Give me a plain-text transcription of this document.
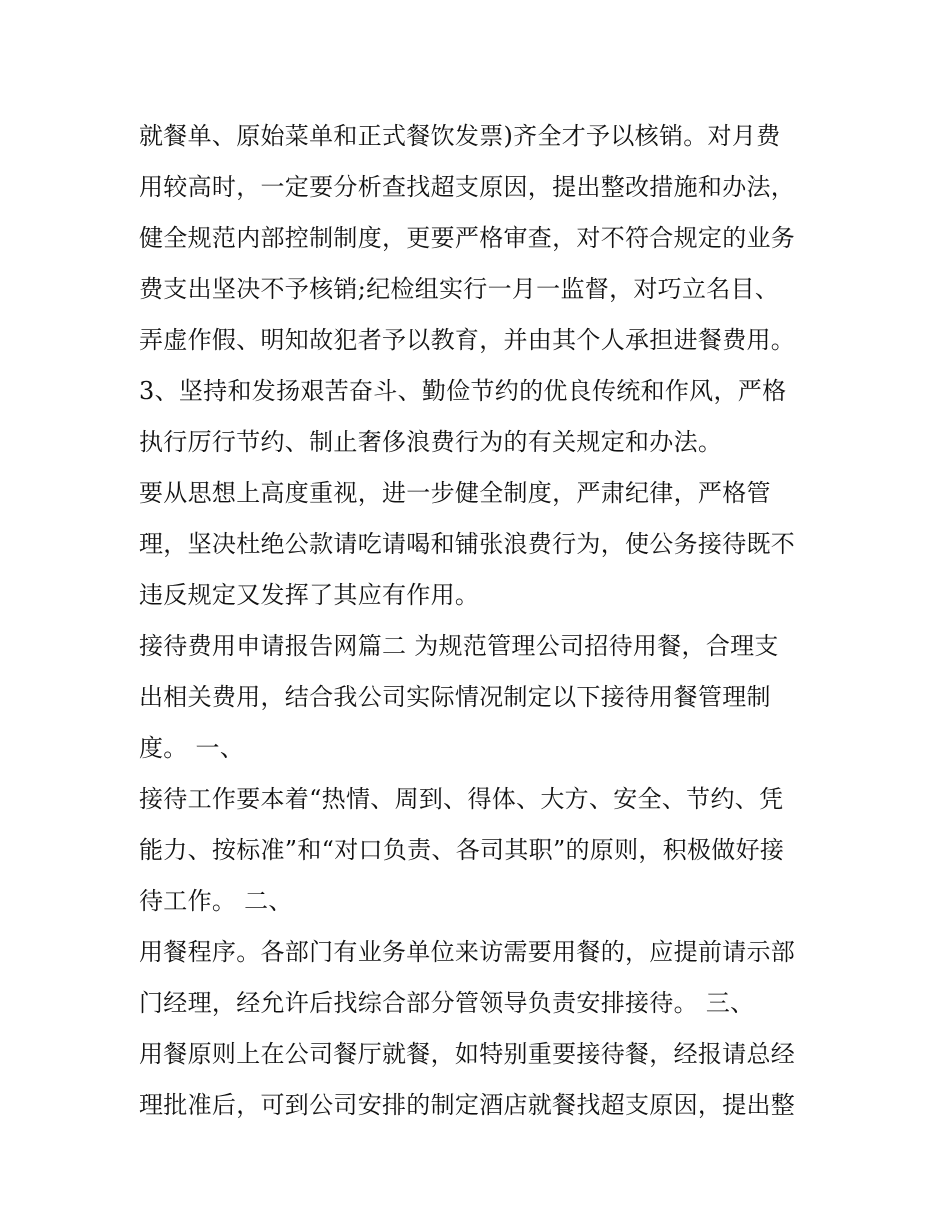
就餐单、原始菜单和正式餐饮发票)齐全才予以核销。对月费
用较高时，一定要分析查找超支原因，提出整改措施和办法，
健全规范内部控制制度，更要严格审查，对不符合规定的业务
费支出坚决不予核销;纪检组实行一月一监督，对巧立名目、
弄虚作假、明知故犯者予以教育，并由其个人承担进餐费用。
3、坚持和发扬艰苦奋斗、勤俭节约的优良传统和作风，严格
执行厉行节约、制止奢侈浪费行为的有关规定和办法。
要从思想上高度重视，进一步健全制度，严肃纪律，严格管
理，坚决杜绝公款请吃请喝和铺张浪费行为，使公务接待既不
违反规定又发挥了其应有作用。
接待费用申请报告网篇二 为规范管理公司招待用餐，合理支
出相关费用，结合我公司实际情况制定以下接待用餐管理制
度。 一、
接待工作要本着“热情、周到、得体、大方、安全、节约、凭
能力、按标准”和“对口负责、各司其职”的原则，积极做好接
待工作。 二、
用餐程序。各部门有业务单位来访需要用餐的，应提前请示部
门经理，经允许后找综合部分管领导负责安排接待。 三、
用餐原则上在公司餐厅就餐，如特别重要接待餐，经报请总经
理批准后，可到公司安排的制定酒店就餐找超支原因，提出整
